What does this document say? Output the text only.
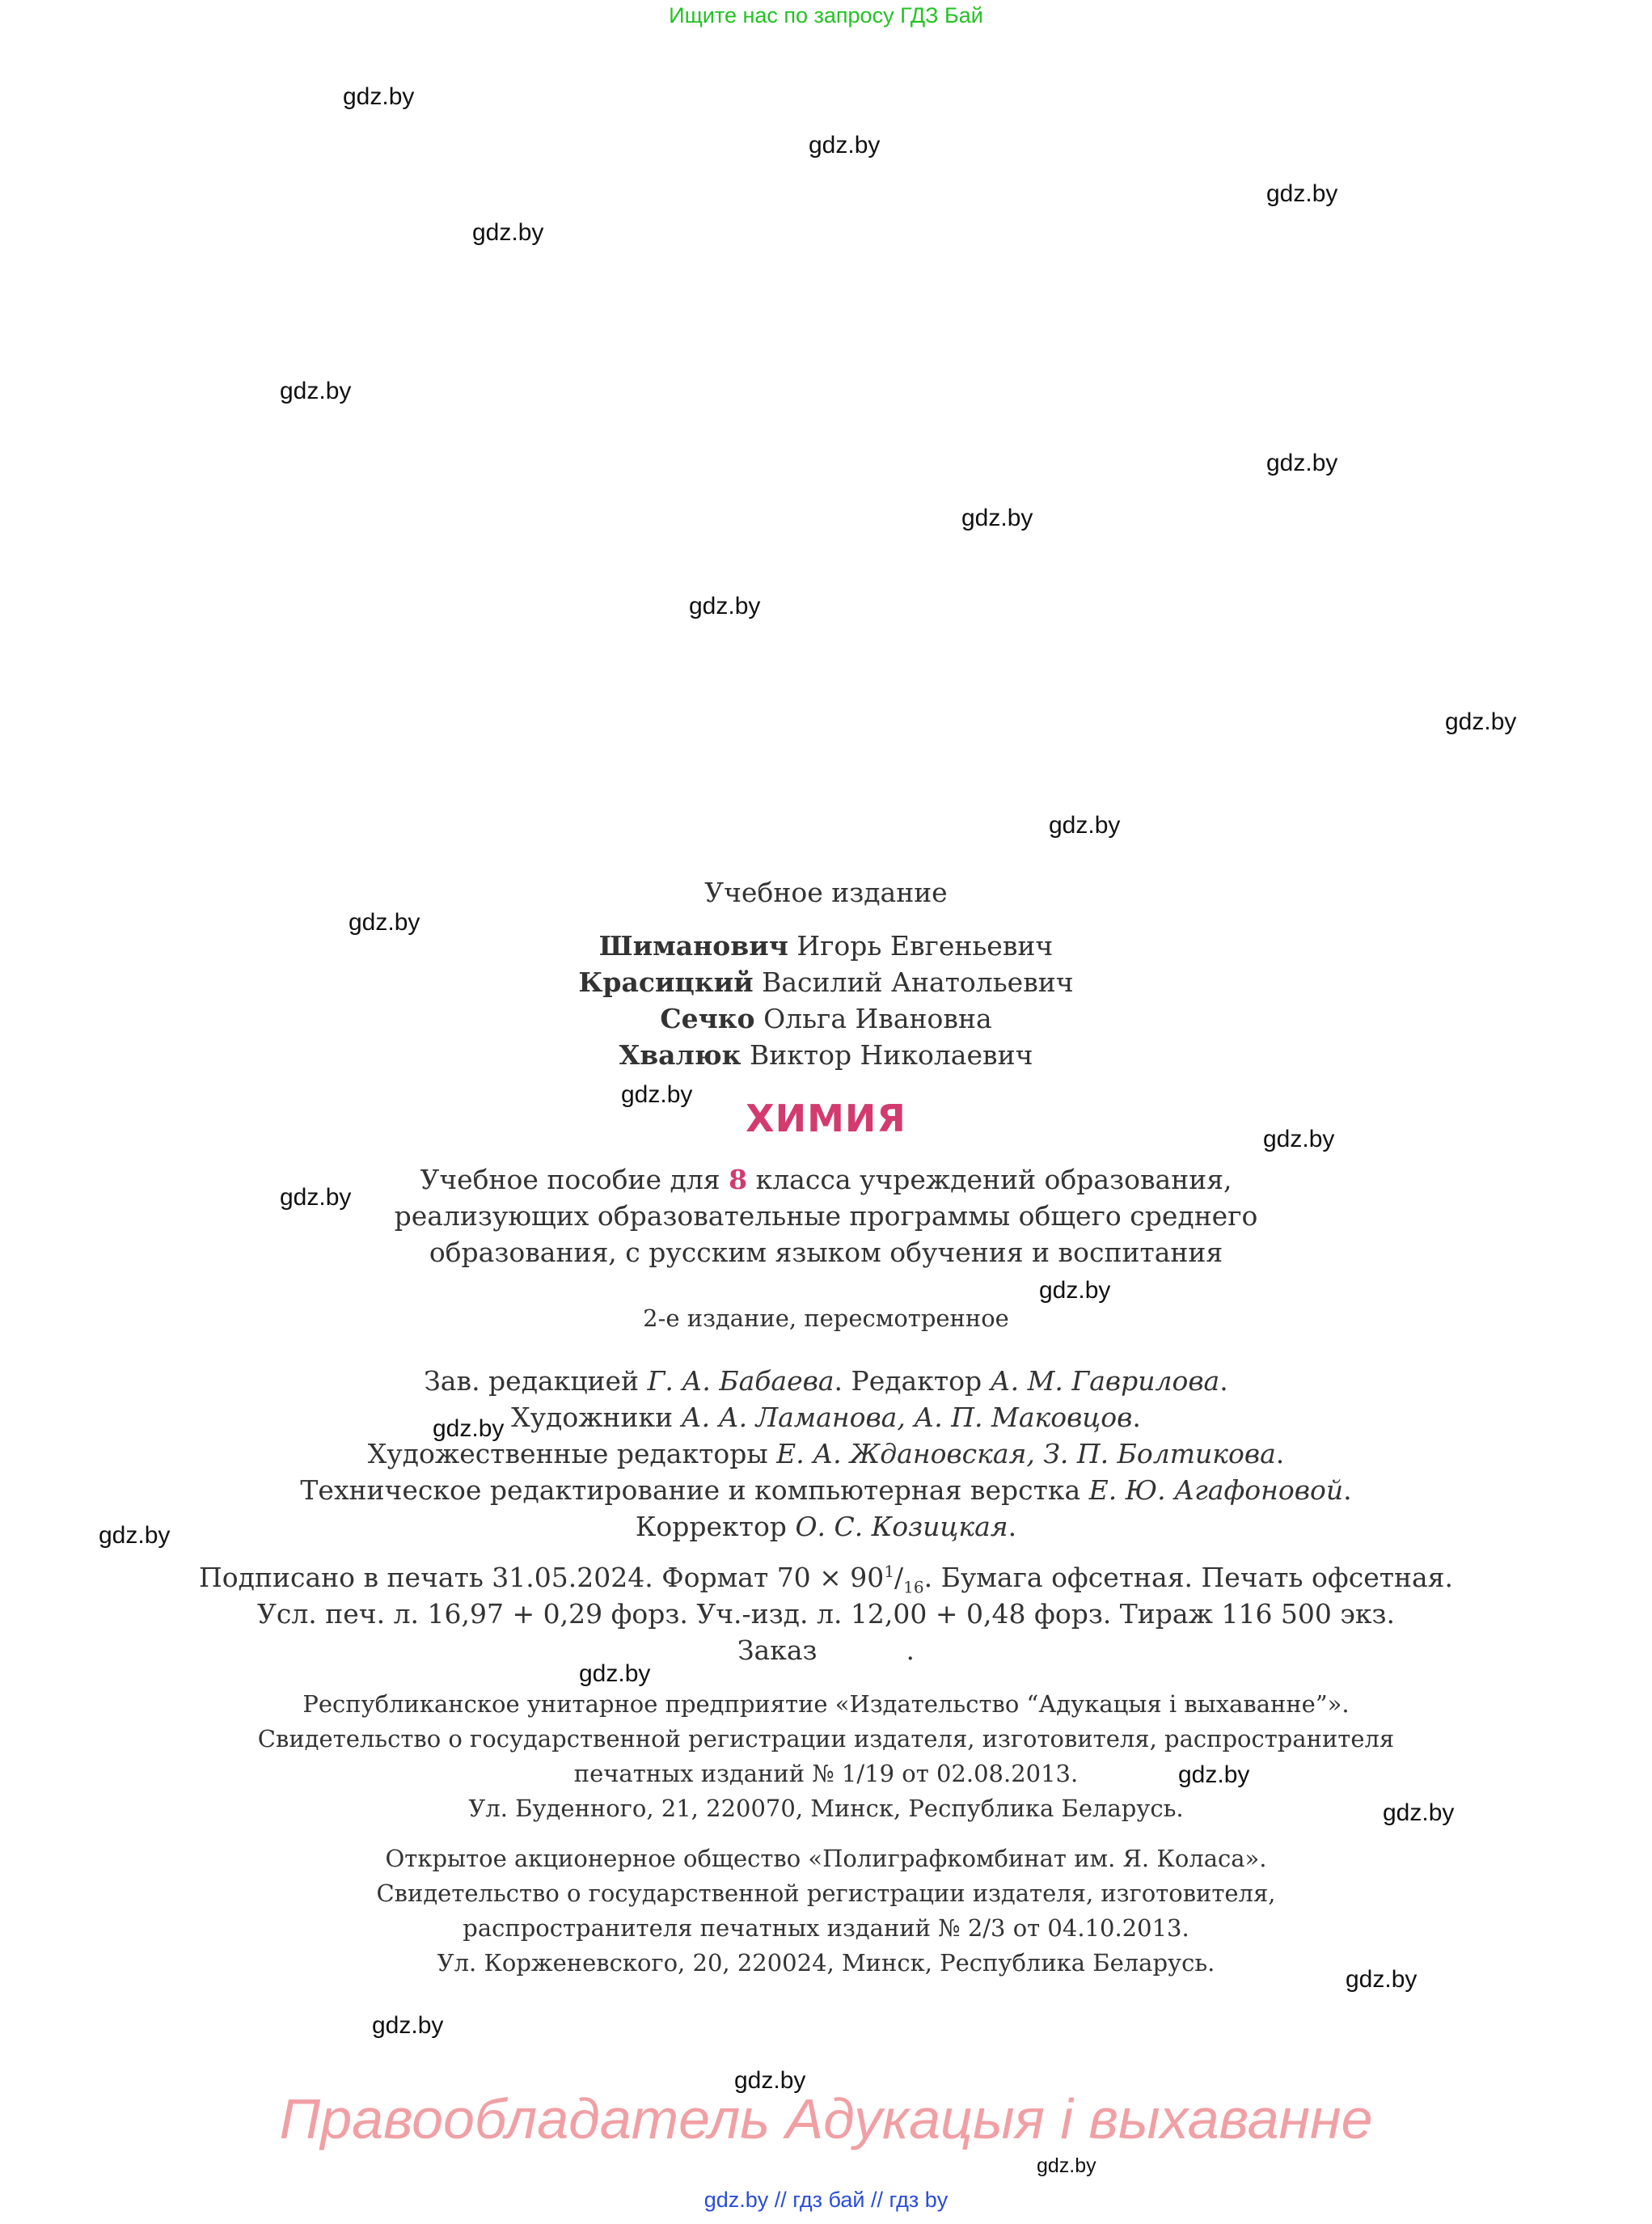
Ищите нас по запросу ГДЗ Бай
gdz.by
gdz.by
gdz.by
gdz.by
gdz.by
gdz.by
gdz.by
gdz.by
gdz.by
gdz.by
gdz.by
gdz.by
gdz.by
gdz.by
gdz.by
gdz.by
gdz.by
gdz.by
gdz.by
gdz.by
gdz.by
gdz.by
gdz.by
gdz.by
Учебное издание
Шиманович Игорь Евгеньевич
Красицкий Василий Анатольевич
Сечко Ольга Ивановна
Хвалюк Виктор Николаевич
ХИМИЯ
Учебное пособие для 8 класса учреждений образования,
реализующих образовательные программы общего среднего
образования, с русским языком обучения и воспитания
2-е издание, пересмотренное
Зав. редакцией Г. А. Бабаева. Редактор А. М. Гаврилова.
Художники А. А. Ламанова, А. П. Маковцов.
Художественные редакторы Е. А. Ждановская, З. П. Болтикова.
Техническое редактирование и компьютерная верстка Е. Ю. Агафоновой.
Корректор О. С. Козицкая.
Подписано в печать 31.05.2024. Формат $70 \times 90^1/_{16}$. Бумага офсетная. Печать офсетная.
Усл. печ. л. 16,97 + 0,29 форз. Уч.-изд. л. 12,00 + 0,48 форз. Тираж 116 500 экз.
Заказ	.
Республиканское унитарное предприятие «Издательство “Адукацыя і выхаванне”».
Свидетельство о государственной регистрации издателя, изготовителя, распространителя
печатных изданий № 1/19 от 02.08.2013.
Ул. Буденного, 21, 220070, Минск, Республика Беларусь.
Открытое акционерное общество «Полиграфкомбинат им. Я. Коласа».
Свидетельство о государственной регистрации издателя, изготовителя,
распространителя печатных изданий № 2/3 от 04.10.2013.
Ул. Корженевского, 20, 220024, Минск, Республика Беларусь.
Правообладатель Адукацыя і выхаванне
gdz.by // гдз бай // гдз by
